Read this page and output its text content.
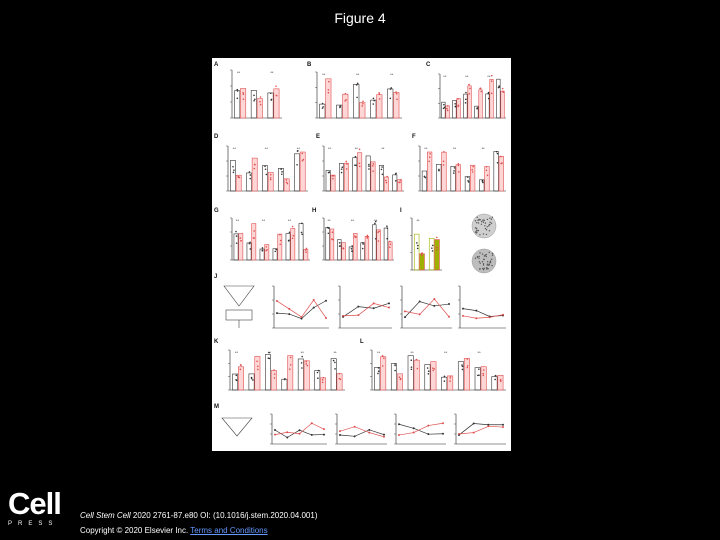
Figure 4
A
**	**
B
**	**	**
C
**	**	**
D
**	**	**
E
**	**	**
F
**	**	**
G
**	**	**
H
**	**	**
I
**
J
K
**	**	**	**
L
**	**	**	**
M
Cell
PRESS
Cell Stem Cell 2020 2761-87.e80 OI: (10.1016/j.stem.2020.04.001)
Copyright © 2020 Elsevier Inc. Terms and Conditions
